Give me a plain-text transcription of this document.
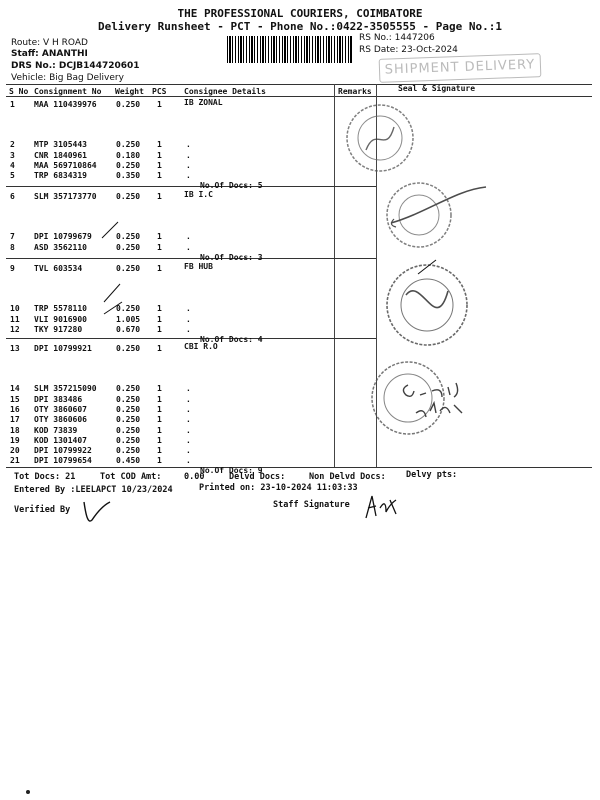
THE PROFESSIONAL COURIERS, COIMBATORE
Delivery Runsheet - PCT - Phone No.:0422-3505555 - Page No.:1
Route: V H ROAD
Staff: ANANTHI
DRS No.: DCJB144720601
Vehicle: Big Bag Delivery
RS No.: 1447206
RS Date: 23-Oct-2024
SHIPMENT DELIVERY
S No Consignment No Weight PCS Consignee Details	Remarks	Seal & Signature
IB ZONAL
1 MAA 110439976 0.250 1
2 MTP 3105443	0.250 1	.
3 CNR 1840961	0.180 1	.
4 MAA 569710864 0.250 1	.
5 TRP 6834319	0.350 1	.
No.Of Docs: 5
IB I.C
6 SLM 357173770 0.250 1
7 DPI 10799679	0.250 1	.
8 ASD 3562110	0.250 1	.
No.Of Docs: 3
FB HUB
9 TVL 603534	0.250 1
10 TRP 5578110	0.250 1	.
11 VLI 9016900	1.005 1	.
12 TKY 917280	0.670 1	.
No.Of Docs: 4
CBI R.O
13 DPI 10799921	0.250 1
14 SLM 357215090 0.250 1	.
15 DPI 383486	0.250 1	.
16 OTY 3860607	0.250 1	.
17 OTY 3860606	0.250 1	.
18 KOD 73839	0.250 1	.
19 KOD 1301407	0.250 1	.
20 DPI 10799922	0.250 1	.
21 DPI 10799654	0.450 1	.
No.Of Docs: 9
Tot Docs: 21	Tot COD Amt:	0.00	Delvd Docs:	Non Delvd Docs: Delvy pts:
Entered By :LEELAPCT 10/23/2024	Printed on: 23-10-2024 11:03:33
Verified By	Staff Signature
